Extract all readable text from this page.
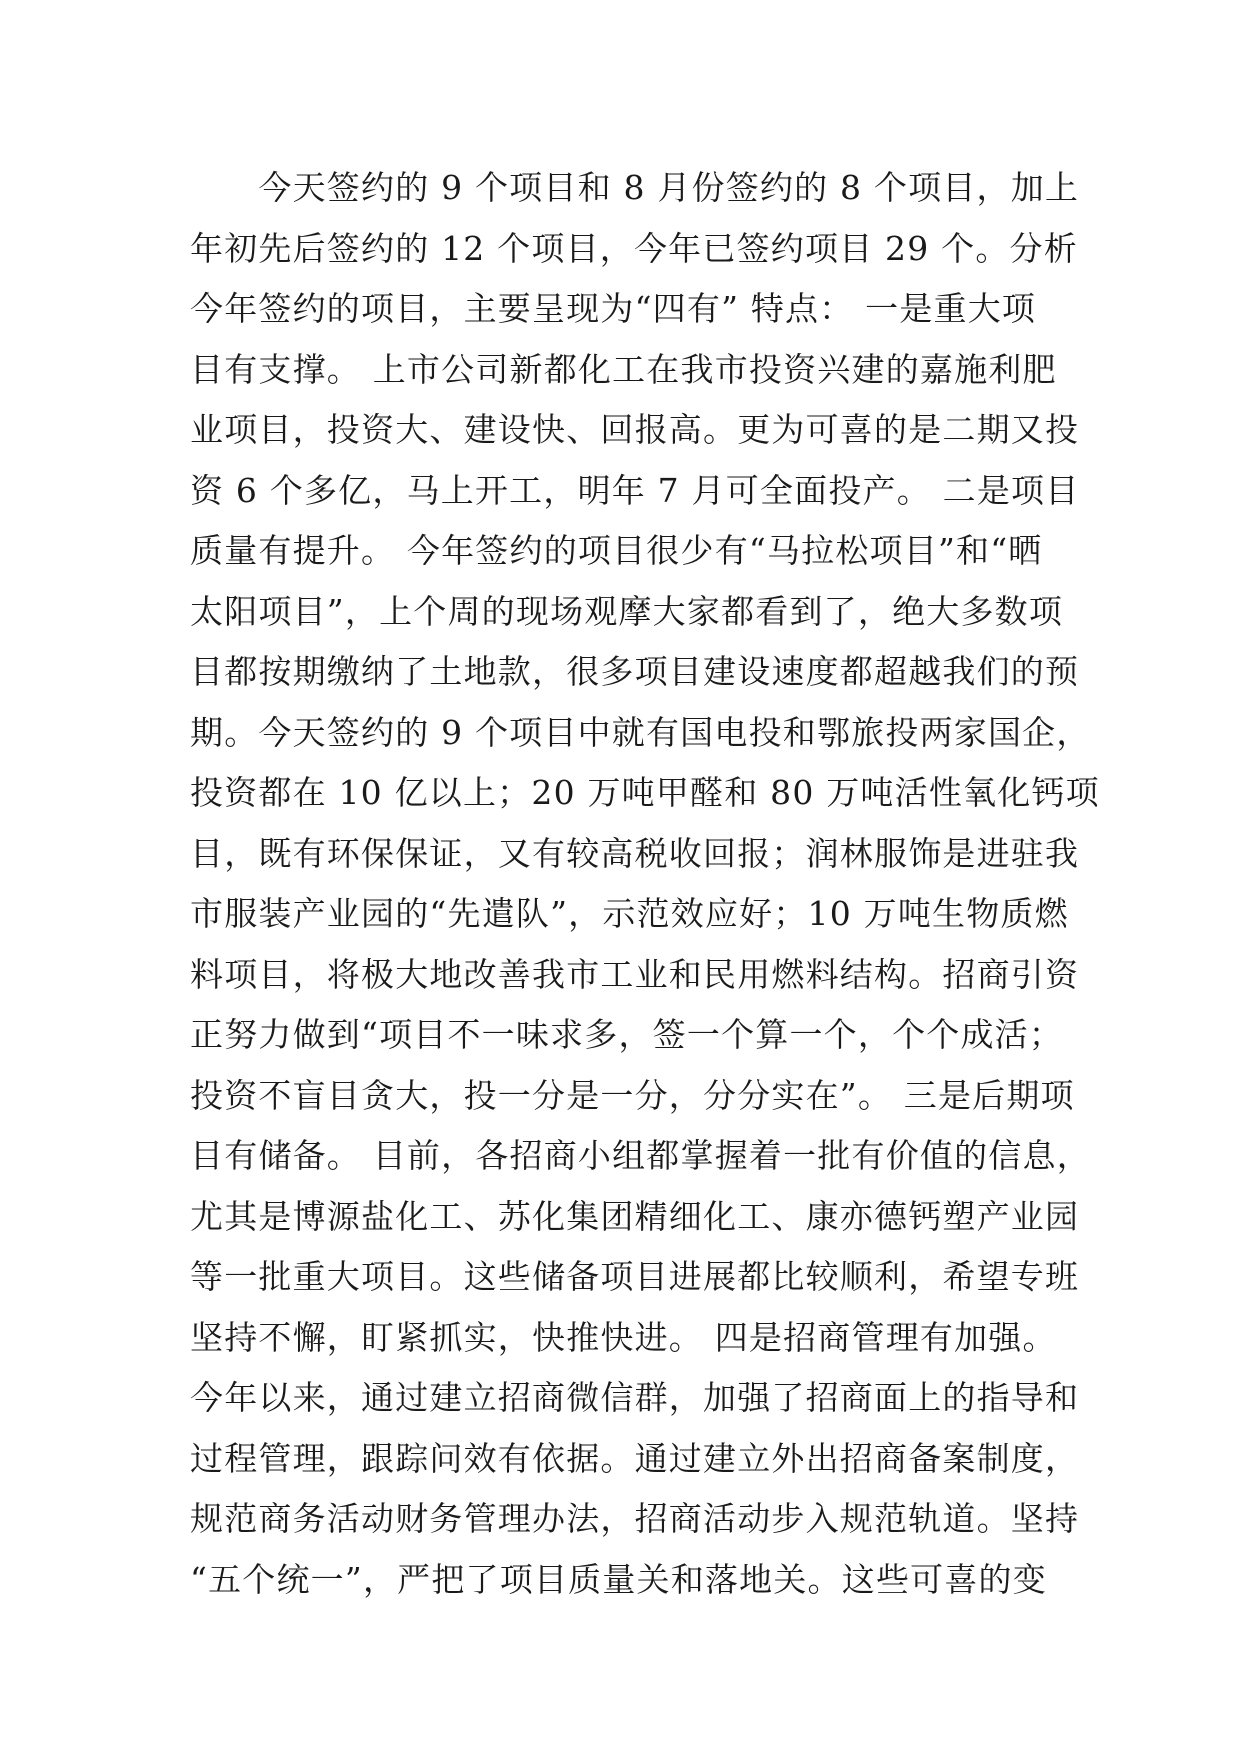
　　今天签约的 9 个项目和 8 月份签约的 8 个项目，加上
年初先后签约的 12 个项目，今年已签约项目 29 个。分析
今年签约的项目，主要呈现为“四有” 特点： 一是重大项
目有支撑。 上市公司新都化工在我市投资兴建的嘉施利肥
业项目，投资大、建设快、回报高。更为可喜的是二期又投
资 6 个多亿，马上开工，明年 7 月可全面投产。 二是项目
质量有提升。 今年签约的项目很少有“马拉松项目”和“晒
太阳项目”，上个周的现场观摩大家都看到了，绝大多数项
目都按期缴纳了土地款，很多项目建设速度都超越我们的预
期。今天签约的 9 个项目中就有国电投和鄂旅投两家国企，
投资都在 10 亿以上；20 万吨甲醛和 80 万吨活性氧化钙项
目，既有环保保证，又有较高税收回报；润林服饰是进驻我
市服装产业园的“先遣队”，示范效应好；10 万吨生物质燃
料项目，将极大地改善我市工业和民用燃料结构。招商引资
正努力做到“项目不一味求多，签一个算一个，个个成活；
投资不盲目贪大，投一分是一分，分分实在”。 三是后期项
目有储备。 目前，各招商小组都掌握着一批有价值的信息，
尤其是博源盐化工、苏化集团精细化工、康亦德钙塑产业园
等一批重大项目。这些储备项目进展都比较顺利，希望专班
坚持不懈，盯紧抓实，快推快进。 四是招商管理有加强。
今年以来，通过建立招商微信群，加强了招商面上的指导和
过程管理，跟踪问效有依据。通过建立外出招商备案制度，
规范商务活动财务管理办法，招商活动步入规范轨道。坚持
“五个统一”，严把了项目质量关和落地关。这些可喜的变
